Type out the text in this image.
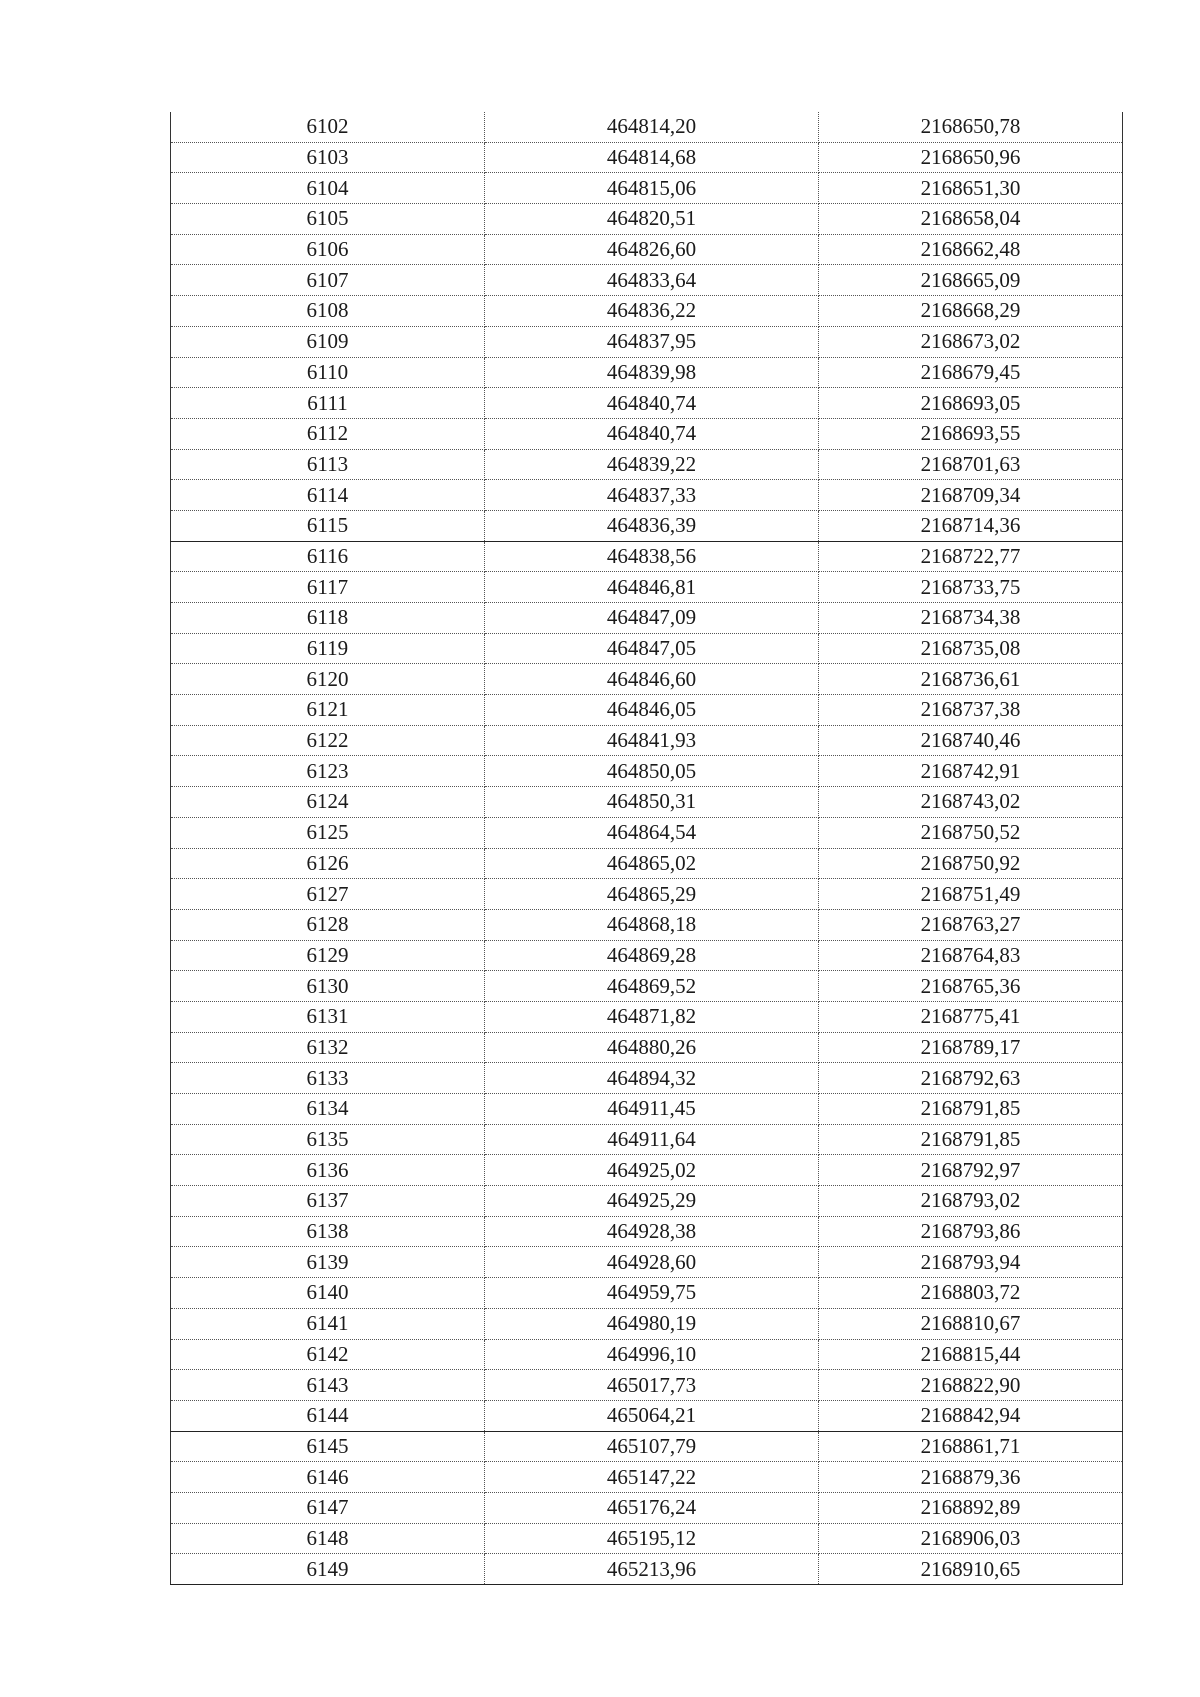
6102	464814,20	2168650,78
6103	464814,68	2168650,96
6104	464815,06	2168651,30
6105	464820,51	2168658,04
6106	464826,60	2168662,48
6107	464833,64	2168665,09
6108	464836,22	2168668,29
6109	464837,95	2168673,02
6110	464839,98	2168679,45
6111	464840,74	2168693,05
6112	464840,74	2168693,55
6113	464839,22	2168701,63
6114	464837,33	2168709,34
6115	464836,39	2168714,36
6116	464838,56	2168722,77
6117	464846,81	2168733,75
6118	464847,09	2168734,38
6119	464847,05	2168735,08
6120	464846,60	2168736,61
6121	464846,05	2168737,38
6122	464841,93	2168740,46
6123	464850,05	2168742,91
6124	464850,31	2168743,02
6125	464864,54	2168750,52
6126	464865,02	2168750,92
6127	464865,29	2168751,49
6128	464868,18	2168763,27
6129	464869,28	2168764,83
6130	464869,52	2168765,36
6131	464871,82	2168775,41
6132	464880,26	2168789,17
6133	464894,32	2168792,63
6134	464911,45	2168791,85
6135	464911,64	2168791,85
6136	464925,02	2168792,97
6137	464925,29	2168793,02
6138	464928,38	2168793,86
6139	464928,60	2168793,94
6140	464959,75	2168803,72
6141	464980,19	2168810,67
6142	464996,10	2168815,44
6143	465017,73	2168822,90
6144	465064,21	2168842,94
6145	465107,79	2168861,71
6146	465147,22	2168879,36
6147	465176,24	2168892,89
6148	465195,12	2168906,03
6149	465213,96	2168910,65
